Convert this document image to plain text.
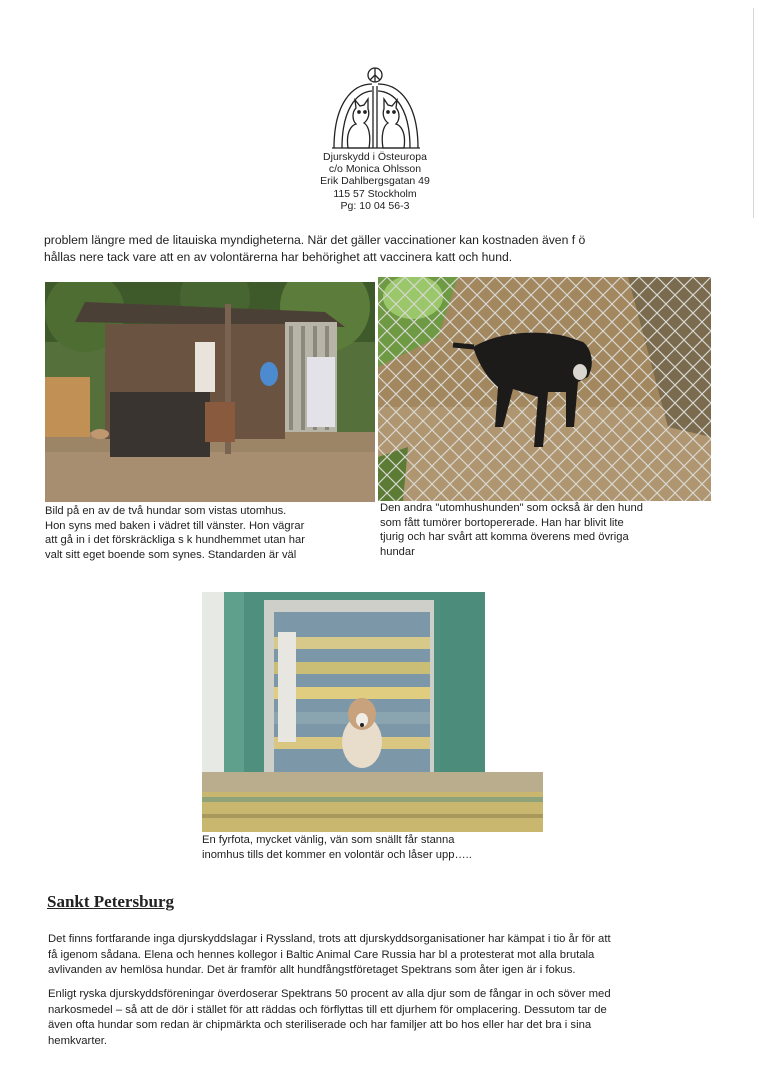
Djurskydd i Östeuropa
c/o Monica Ohlsson
Erik Dahlbergsgatan 49
115 57 Stockholm
Pg: 10 04 56-3
problem längre med de litauiska myndigheterna. När det gäller vaccinationer kan kostnaden även f ö
hållas nere tack vare att en av volontärerna har behörighet att vaccinera katt och hund.
Bild på en av de två hundar som vistas utomhus.
Hon syns med baken i vädret till vänster. Hon vägrar
att gå in i det förskräckliga s k hundhemmet utan har
valt sitt eget boende som synes. Standarden är väl
Den andra "utomhushunden" som också är den hund
som fått tumörer bortopererade. Han har blivit lite
tjurig och har svårt att komma överens med övriga
hundar
En fyrfota, mycket vänlig, vän som snällt får stanna
inomhus tills det kommer en volontär och låser upp…..
Sankt Petersburg
Det finns fortfarande inga djurskyddslagar i Ryssland, trots att djurskyddsorganisationer har kämpat i tio år för att
få igenom sådana. Elena och hennes kollegor i Baltic Animal Care Russia har bl a protesterat mot alla brutala
avlivanden av hemlösa hundar. Det är framför allt hundfångstföretaget Spektrans som åter igen är i fokus.
Enligt ryska djurskyddsföreningar överdoserar Spektrans 50 procent av alla djur som de fångar in och söver med
narkosmedel – så att de dör i stället för att räddas och förflyttas till ett djurhem för omplacering. Dessutom tar de
även ofta hundar som redan är chipmärkta och steriliserade och har familjer att bo hos eller har det bra i sina
hemkvarter.
